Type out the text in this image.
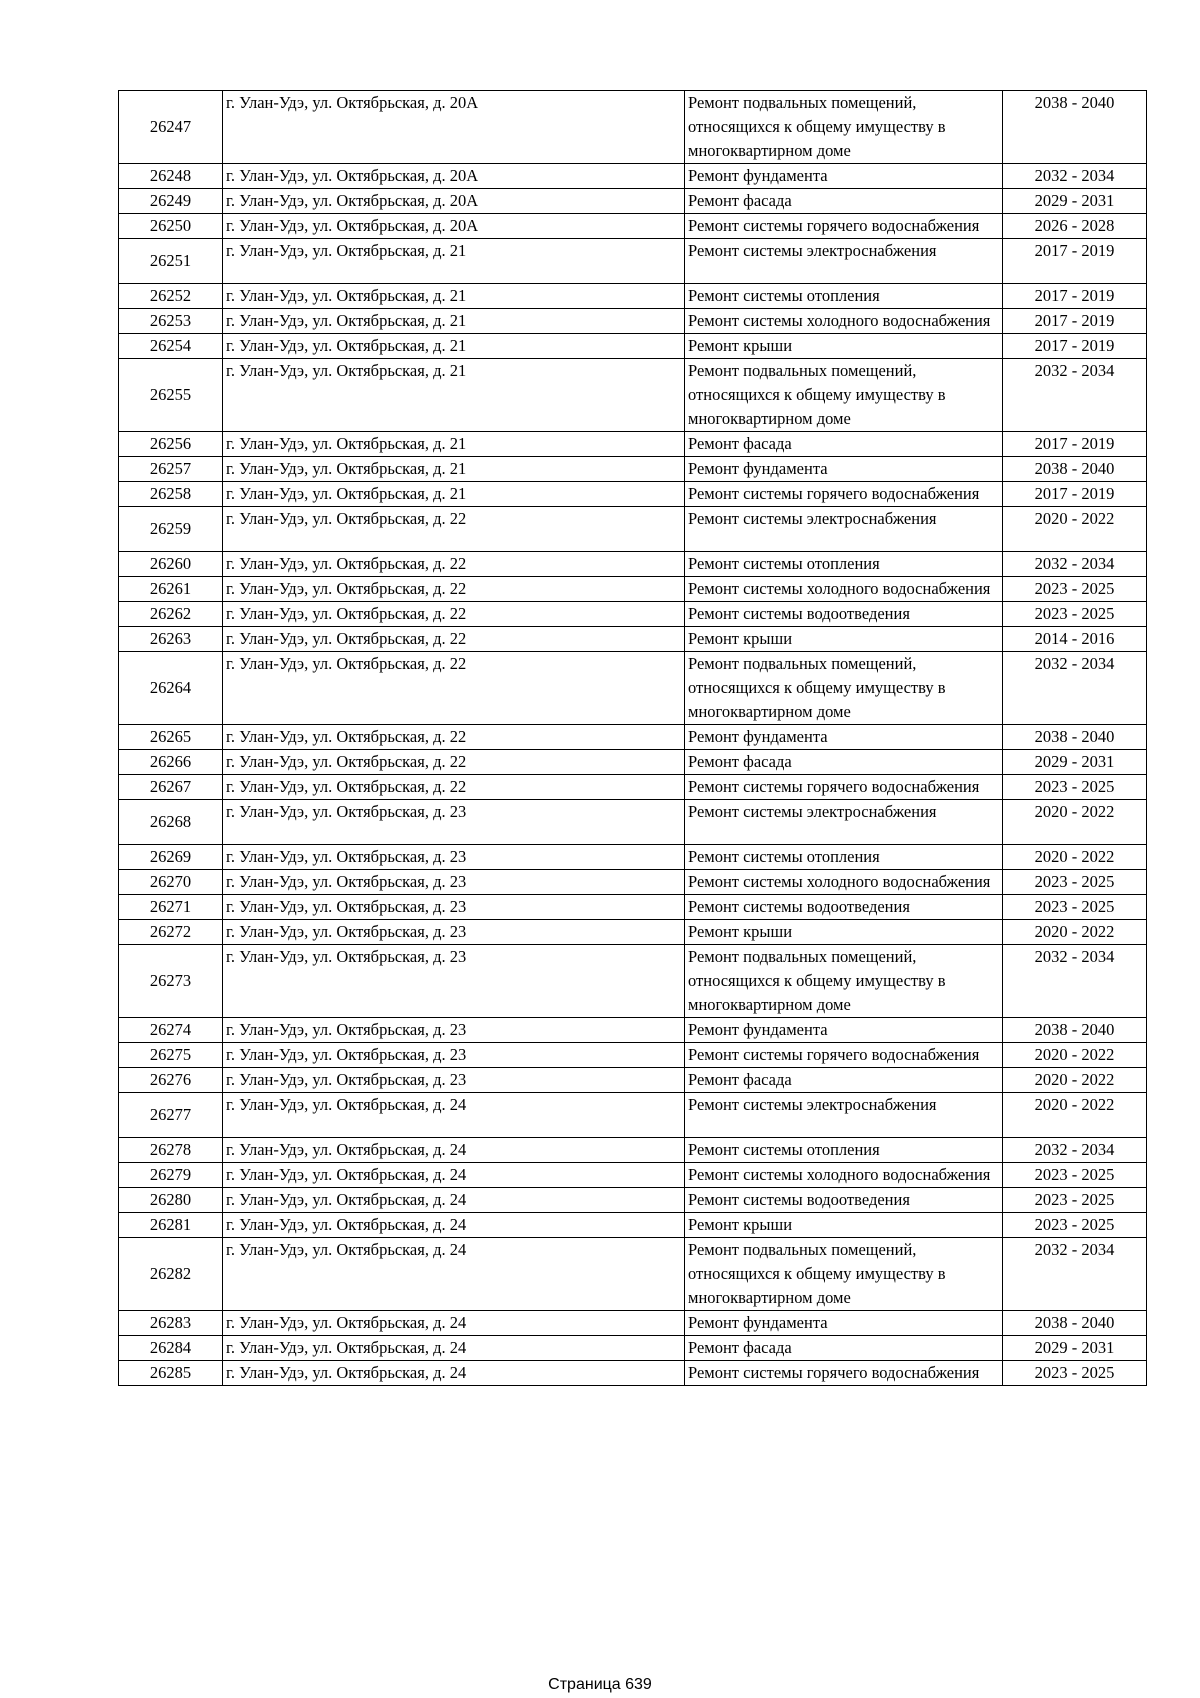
26247	г. Улан-Удэ, ул. Октябрьская, д. 20А	Ремонт подвальных помещений, относящихся к общему имуществу в многоквартирном доме	2038 - 2040
26248	г. Улан-Удэ, ул. Октябрьская, д. 20А	Ремонт фундамента	2032 - 2034
26249	г. Улан-Удэ, ул. Октябрьская, д. 20А	Ремонт фасада	2029 - 2031
26250	г. Улан-Удэ, ул. Октябрьская, д. 20А	Ремонт системы горячего водоснабжения	2026 - 2028
26251	г. Улан-Удэ, ул. Октябрьская, д. 21	Ремонт системы электроснабжения	2017 - 2019
26252	г. Улан-Удэ, ул. Октябрьская, д. 21	Ремонт системы отопления	2017 - 2019
26253	г. Улан-Удэ, ул. Октябрьская, д. 21	Ремонт системы холодного водоснабжения	2017 - 2019
26254	г. Улан-Удэ, ул. Октябрьская, д. 21	Ремонт крыши	2017 - 2019
26255	г. Улан-Удэ, ул. Октябрьская, д. 21	Ремонт подвальных помещений, относящихся к общему имуществу в многоквартирном доме	2032 - 2034
26256	г. Улан-Удэ, ул. Октябрьская, д. 21	Ремонт фасада	2017 - 2019
26257	г. Улан-Удэ, ул. Октябрьская, д. 21	Ремонт фундамента	2038 - 2040
26258	г. Улан-Удэ, ул. Октябрьская, д. 21	Ремонт системы горячего водоснабжения	2017 - 2019
26259	г. Улан-Удэ, ул. Октябрьская, д. 22	Ремонт системы электроснабжения	2020 - 2022
26260	г. Улан-Удэ, ул. Октябрьская, д. 22	Ремонт системы отопления	2032 - 2034
26261	г. Улан-Удэ, ул. Октябрьская, д. 22	Ремонт системы холодного водоснабжения	2023 - 2025
26262	г. Улан-Удэ, ул. Октябрьская, д. 22	Ремонт системы водоотведения	2023 - 2025
26263	г. Улан-Удэ, ул. Октябрьская, д. 22	Ремонт крыши	2014 - 2016
26264	г. Улан-Удэ, ул. Октябрьская, д. 22	Ремонт подвальных помещений, относящихся к общему имуществу в многоквартирном доме	2032 - 2034
26265	г. Улан-Удэ, ул. Октябрьская, д. 22	Ремонт фундамента	2038 - 2040
26266	г. Улан-Удэ, ул. Октябрьская, д. 22	Ремонт фасада	2029 - 2031
26267	г. Улан-Удэ, ул. Октябрьская, д. 22	Ремонт системы горячего водоснабжения	2023 - 2025
26268	г. Улан-Удэ, ул. Октябрьская, д. 23	Ремонт системы электроснабжения	2020 - 2022
26269	г. Улан-Удэ, ул. Октябрьская, д. 23	Ремонт системы отопления	2020 - 2022
26270	г. Улан-Удэ, ул. Октябрьская, д. 23	Ремонт системы холодного водоснабжения	2023 - 2025
26271	г. Улан-Удэ, ул. Октябрьская, д. 23	Ремонт системы водоотведения	2023 - 2025
26272	г. Улан-Удэ, ул. Октябрьская, д. 23	Ремонт крыши	2020 - 2022
26273	г. Улан-Удэ, ул. Октябрьская, д. 23	Ремонт подвальных помещений, относящихся к общему имуществу в многоквартирном доме	2032 - 2034
26274	г. Улан-Удэ, ул. Октябрьская, д. 23	Ремонт фундамента	2038 - 2040
26275	г. Улан-Удэ, ул. Октябрьская, д. 23	Ремонт системы горячего водоснабжения	2020 - 2022
26276	г. Улан-Удэ, ул. Октябрьская, д. 23	Ремонт фасада	2020 - 2022
26277	г. Улан-Удэ, ул. Октябрьская, д. 24	Ремонт системы электроснабжения	2020 - 2022
26278	г. Улан-Удэ, ул. Октябрьская, д. 24	Ремонт системы отопления	2032 - 2034
26279	г. Улан-Удэ, ул. Октябрьская, д. 24	Ремонт системы холодного водоснабжения	2023 - 2025
26280	г. Улан-Удэ, ул. Октябрьская, д. 24	Ремонт системы водоотведения	2023 - 2025
26281	г. Улан-Удэ, ул. Октябрьская, д. 24	Ремонт крыши	2023 - 2025
26282	г. Улан-Удэ, ул. Октябрьская, д. 24	Ремонт подвальных помещений, относящихся к общему имуществу в многоквартирном доме	2032 - 2034
26283	г. Улан-Удэ, ул. Октябрьская, д. 24	Ремонт фундамента	2038 - 2040
26284	г. Улан-Удэ, ул. Октябрьская, д. 24	Ремонт фасада	2029 - 2031
26285	г. Улан-Удэ, ул. Октябрьская, д. 24	Ремонт системы горячего водоснабжения	2023 - 2025
Страница 639
